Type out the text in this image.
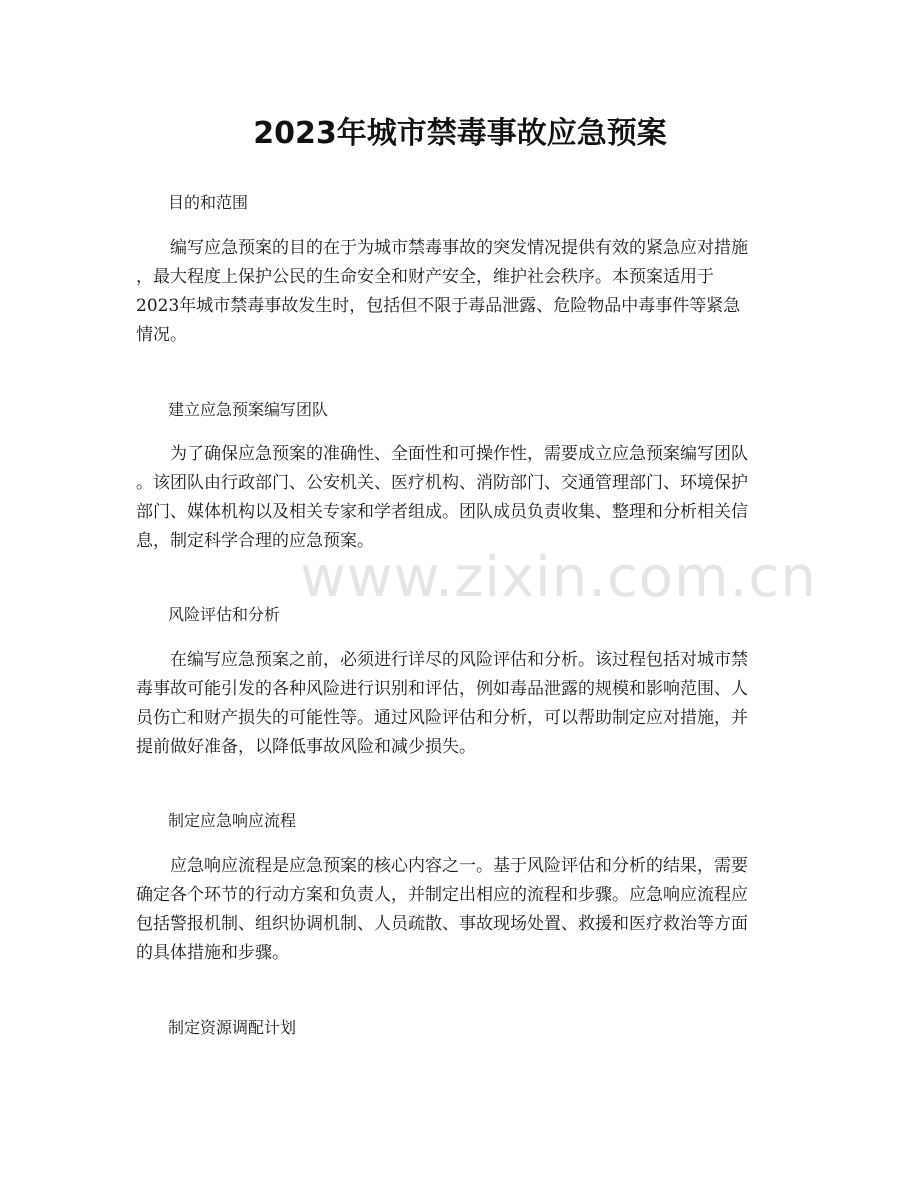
2023年城市禁毒事故应急预案

目的和范围

编写应急预案的目的在于为城市禁毒事故的突发情况提供有效的紧急应对措施
，最大程度上保护公民的生命安全和财产安全，维护社会秩序。本预案适用于
2023年城市禁毒事故发生时，包括但不限于毒品泄露、危险物品中毒事件等紧急
情况。

建立应急预案编写团队

为了确保应急预案的准确性、全面性和可操作性，需要成立应急预案编写团队
。该团队由行政部门、公安机关、医疗机构、消防部门、交通管理部门、环境保护
部门、媒体机构以及相关专家和学者组成。团队成员负责收集、整理和分析相关信
息，制定科学合理的应急预案。

风险评估和分析

在编写应急预案之前，必须进行详尽的风险评估和分析。该过程包括对城市禁
毒事故可能引发的各种风险进行识别和评估，例如毒品泄露的规模和影响范围、人
员伤亡和财产损失的可能性等。通过风险评估和分析，可以帮助制定应对措施，并
提前做好准备，以降低事故风险和减少损失。

制定应急响应流程

应急响应流程是应急预案的核心内容之一。基于风险评估和分析的结果，需要
确定各个环节的行动方案和负责人，并制定出相应的流程和步骤。应急响应流程应
包括警报机制、组织协调机制、人员疏散、事故现场处置、救援和医疗救治等方面
的具体措施和步骤。

制定资源调配计划

www.zixin.com.cn
